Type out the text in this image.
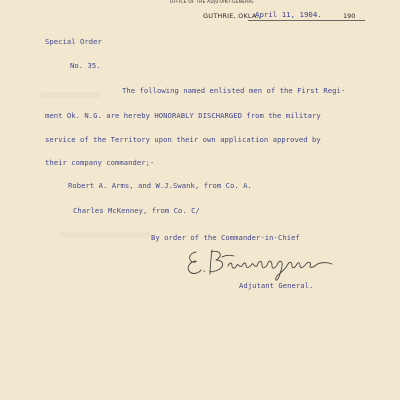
OFFICE OF THE ADJUTANT-GENERAL
GUTHRIE, OKLA.,
April 11, 1904.	190
Special Order
No. 35.
The following named enlisted men of the First Regi-
ment Ok. N.G. are hereby HONORABLY DISCHARGED from the military
service of the Territory upon their own application approved by
their company commander;-
Robert A. Arms, and W.J.Swank, from Co. A.
Charles McKenney, from Co. C/
By order of the Commander-in-Chief
Adjutant General.
